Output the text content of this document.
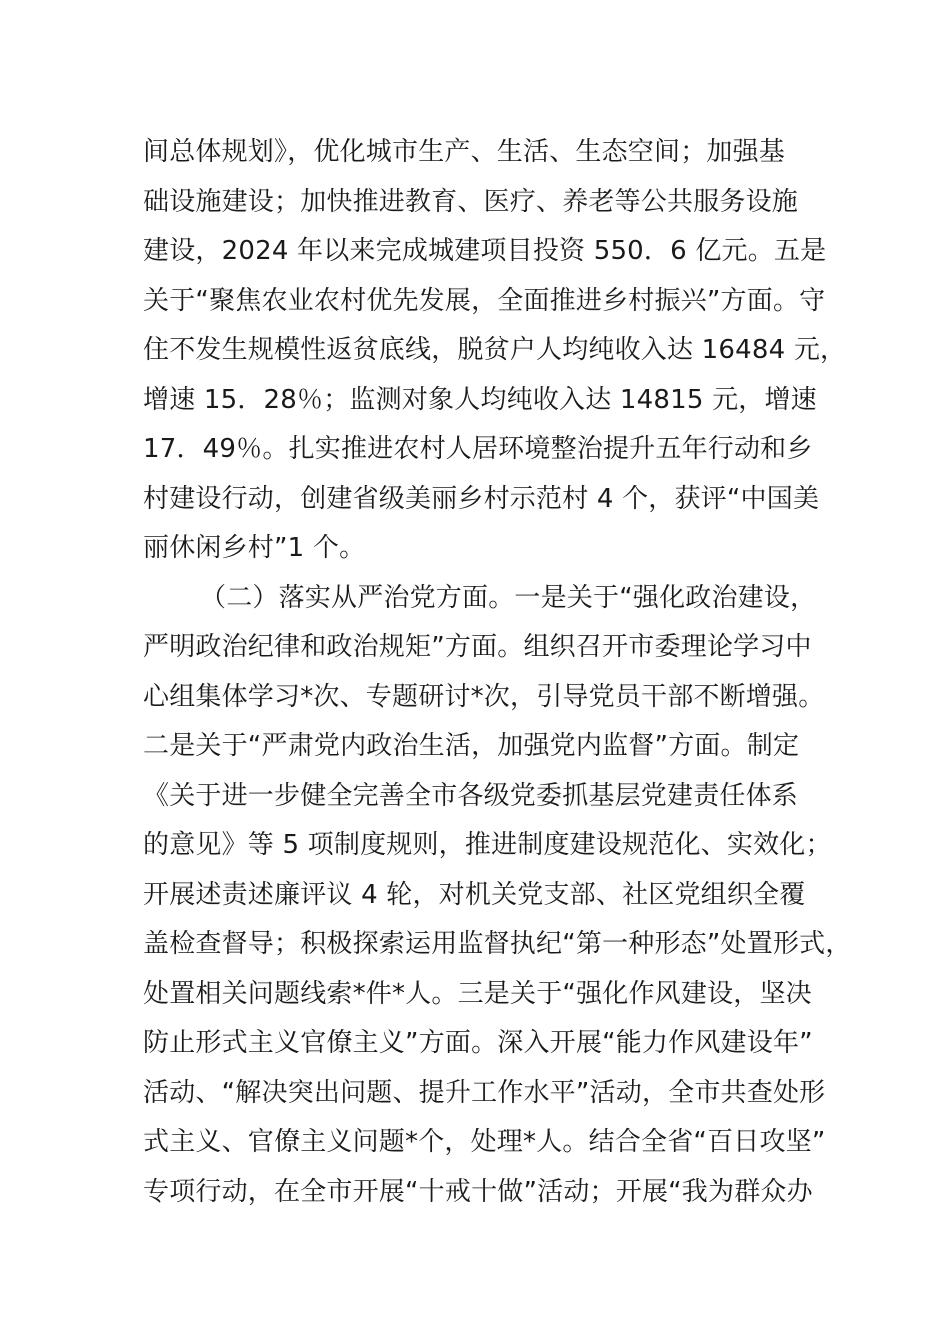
间总体规划》，优化城市生产、生活、生态空间；加强基
础设施建设；加快推进教育、医疗、养老等公共服务设施
建设，2024 年以来完成城建项目投资 550．6 亿元。五是
关于“聚焦农业农村优先发展，全面推进乡村振兴”方面。守
住不发生规模性返贫底线，脱贫户人均纯收入达 16484 元，
增速 15．28％；监测对象人均纯收入达 14815 元，增速
17．49％。扎实推进农村人居环境整治提升五年行动和乡
村建设行动，创建省级美丽乡村示范村 4 个，获评“中国美
丽休闲乡村”1 个。
（二）落实从严治党方面。一是关于“强化政治建设，
严明政治纪律和政治规矩”方面。组织召开市委理论学习中
心组集体学习*次、专题研讨*次，引导党员干部不断增强。
二是关于“严肃党内政治生活，加强党内监督”方面。制定
《关于进一步健全完善全市各级党委抓基层党建责任体系
的意见》等 5 项制度规则，推进制度建设规范化、实效化；
开展述责述廉评议 4 轮，对机关党支部、社区党组织全覆
盖检查督导；积极探索运用监督执纪“第一种形态”处置形式，
处置相关问题线索*件*人。三是关于“强化作风建设，坚决
防止形式主义官僚主义”方面。深入开展“能力作风建设年”
活动、“解决突出问题、提升工作水平”活动，全市共查处形
式主义、官僚主义问题*个，处理*人。结合全省“百日攻坚”
专项行动，在全市开展“十戒十做”活动；开展“我为群众办
